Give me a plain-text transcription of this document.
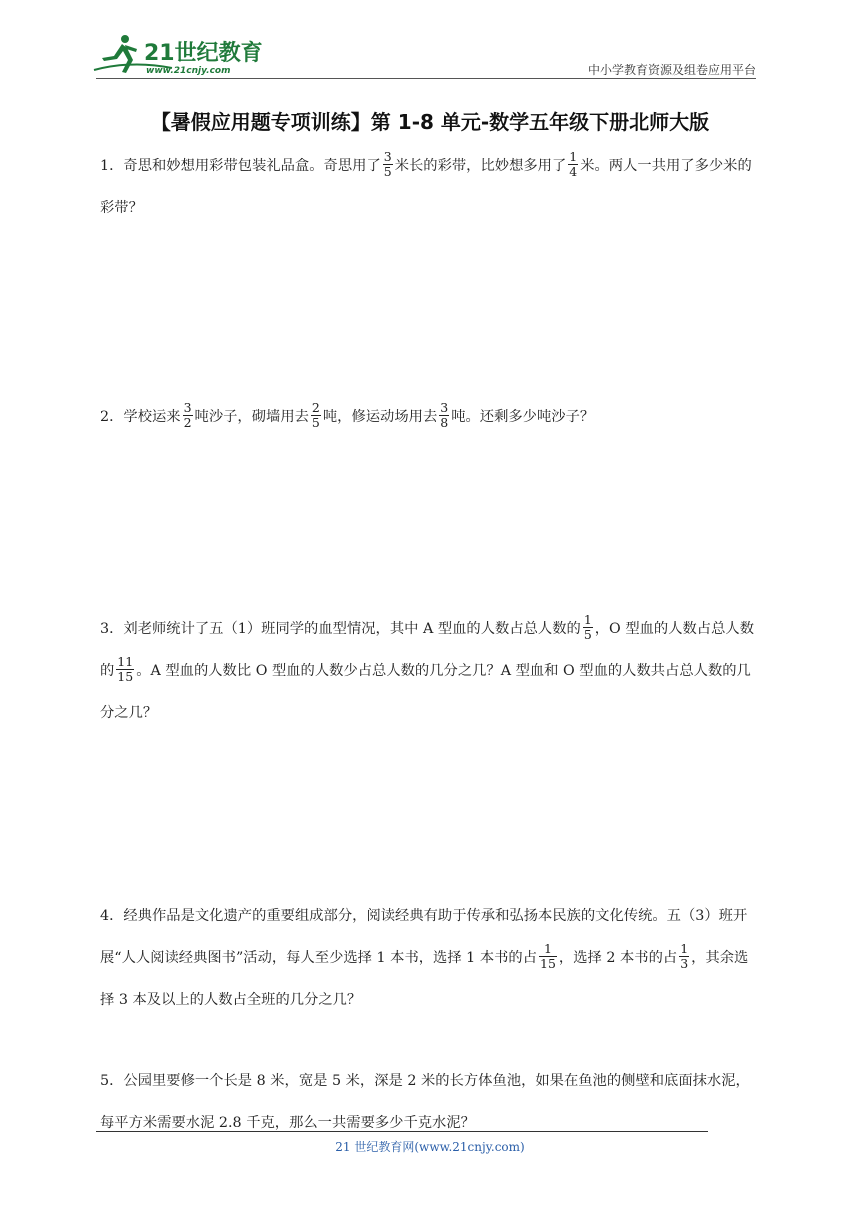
21世纪教育
www.21cnjy.com	中小学教育资源及组卷应用平台
【暑假应用题专项训练】第 1-8 单元-数学五年级下册北师大版
1．奇思和妙想用彩带包装礼品盒。奇思用了 $\frac{3}{5}$ 米长的彩带，比妙想多用了 $\frac{1}{4}$ 米。两人一共用了多少米的彩带？
2．学校运来 $\frac{3}{2}$ 吨沙子，砌墙用去 $\frac{2}{5}$ 吨，修运动场用去 $\frac{3}{8}$ 吨。还剩多少吨沙子？
3．刘老师统计了五（1）班同学的血型情况，其中 A 型血的人数占总人数的 $\frac{1}{5}$ ，O 型血的人数占总人数的 $\frac{11}{15}$ 。A 型血的人数比 O 型血的人数少占总人数的几分之几？A 型血和 O 型血的人数共占总人数的几分之几？
4．经典作品是文化遗产的重要组成部分，阅读经典有助于传承和弘扬本民族的文化传统。五（3）班开展“人人阅读经典图书”活动，每人至少选择 1 本书，选择 1 本书的占 $\frac{1}{15}$ ，选择 2 本书的占 $\frac{1}{3}$ ，其余选择 3 本及以上的人数占全班的几分之几？
5．公园里要修一个长是 8 米，宽是 5 米，深是 2 米的长方体鱼池，如果在鱼池的侧壁和底面抹水泥，每平方米需要水泥 2.8 千克，那么一共需要多少千克水泥？
21 世纪教育网(www.21cnjy.com)
